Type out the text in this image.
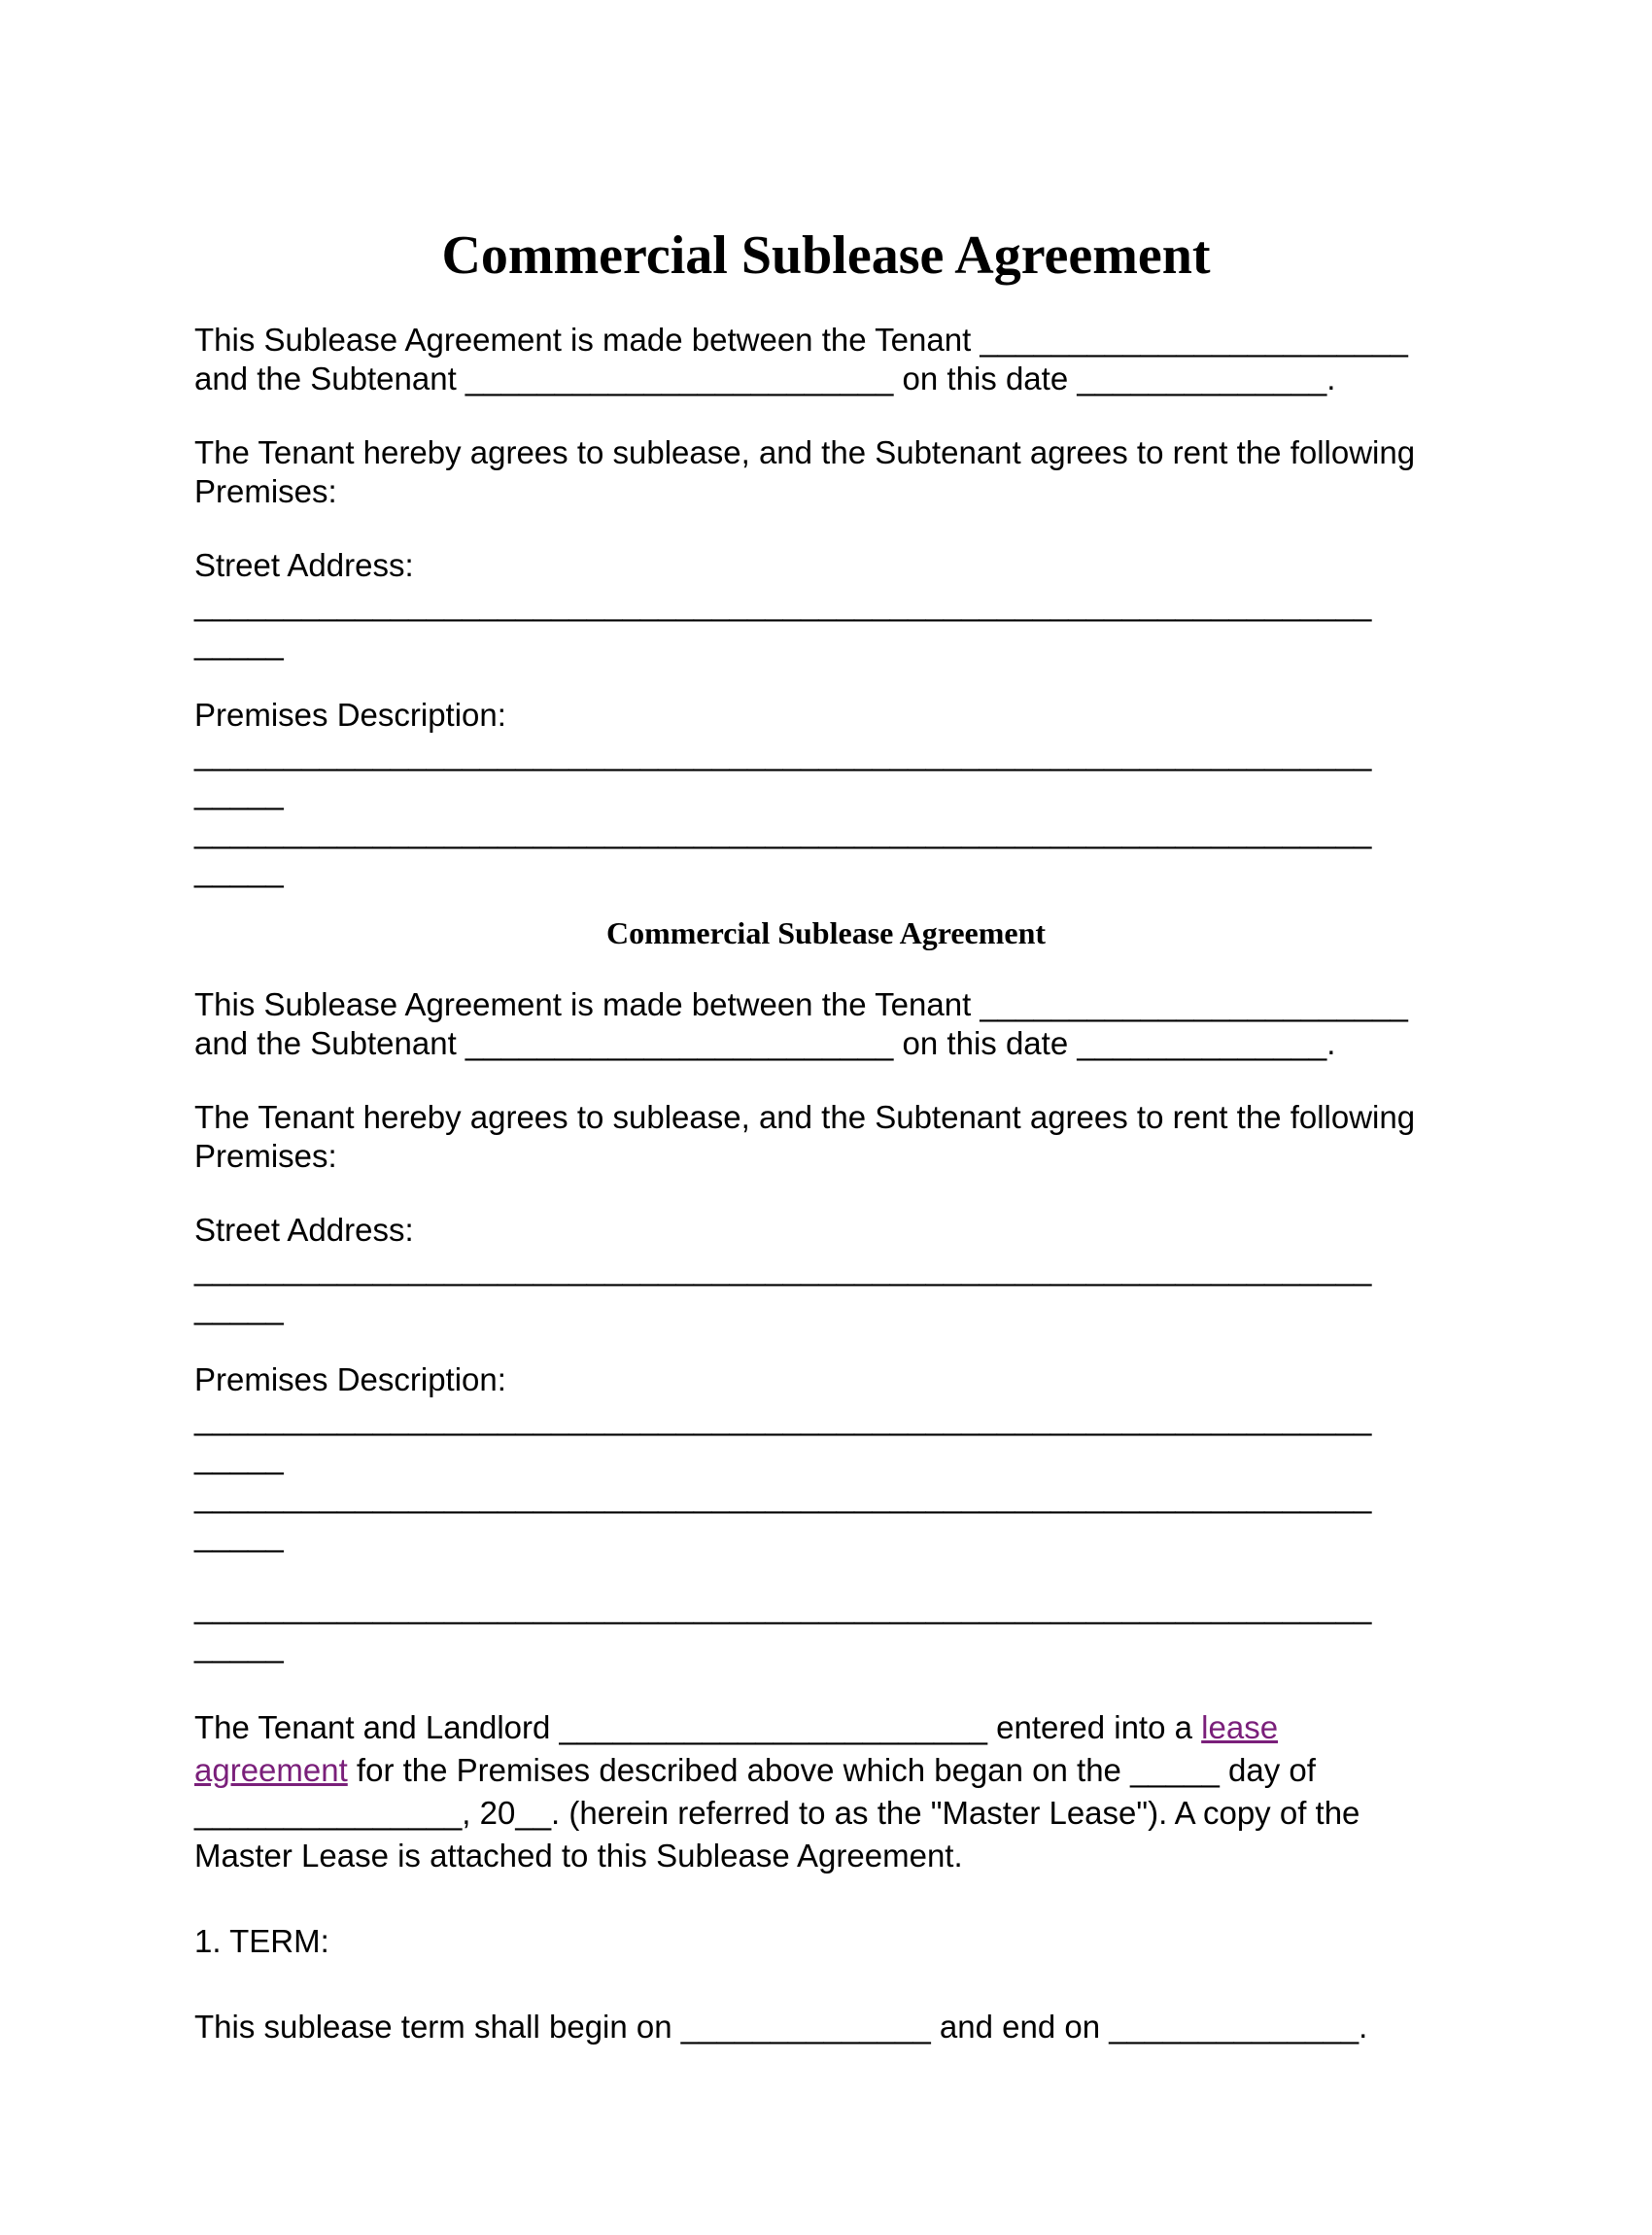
Commercial Sublease Agreement
This Sublease Agreement is made between the Tenant ________________________
and the Subtenant ________________________ on this date ______________.
The Tenant hereby agrees to sublease, and the Subtenant agrees to rent the following
Premises:
Street Address:
__________________________________________________________________
_____
Premises Description:
__________________________________________________________________
_____
__________________________________________________________________
_____
Commercial Sublease Agreement
This Sublease Agreement is made between the Tenant ________________________
and the Subtenant ________________________ on this date ______________.
The Tenant hereby agrees to sublease, and the Subtenant agrees to rent the following
Premises:
Street Address:
__________________________________________________________________
_____
Premises Description:
__________________________________________________________________
_____
__________________________________________________________________
_____
__________________________________________________________________
_____
The Tenant and Landlord ________________________ entered into a lease
agreement for the Premises described above which began on the _____ day of
_______________, 20__. (herein referred to as the "Master Lease"). A copy of the
Master Lease is attached to this Sublease Agreement.
1. TERM:
This sublease term shall begin on ______________ and end on ______________.
